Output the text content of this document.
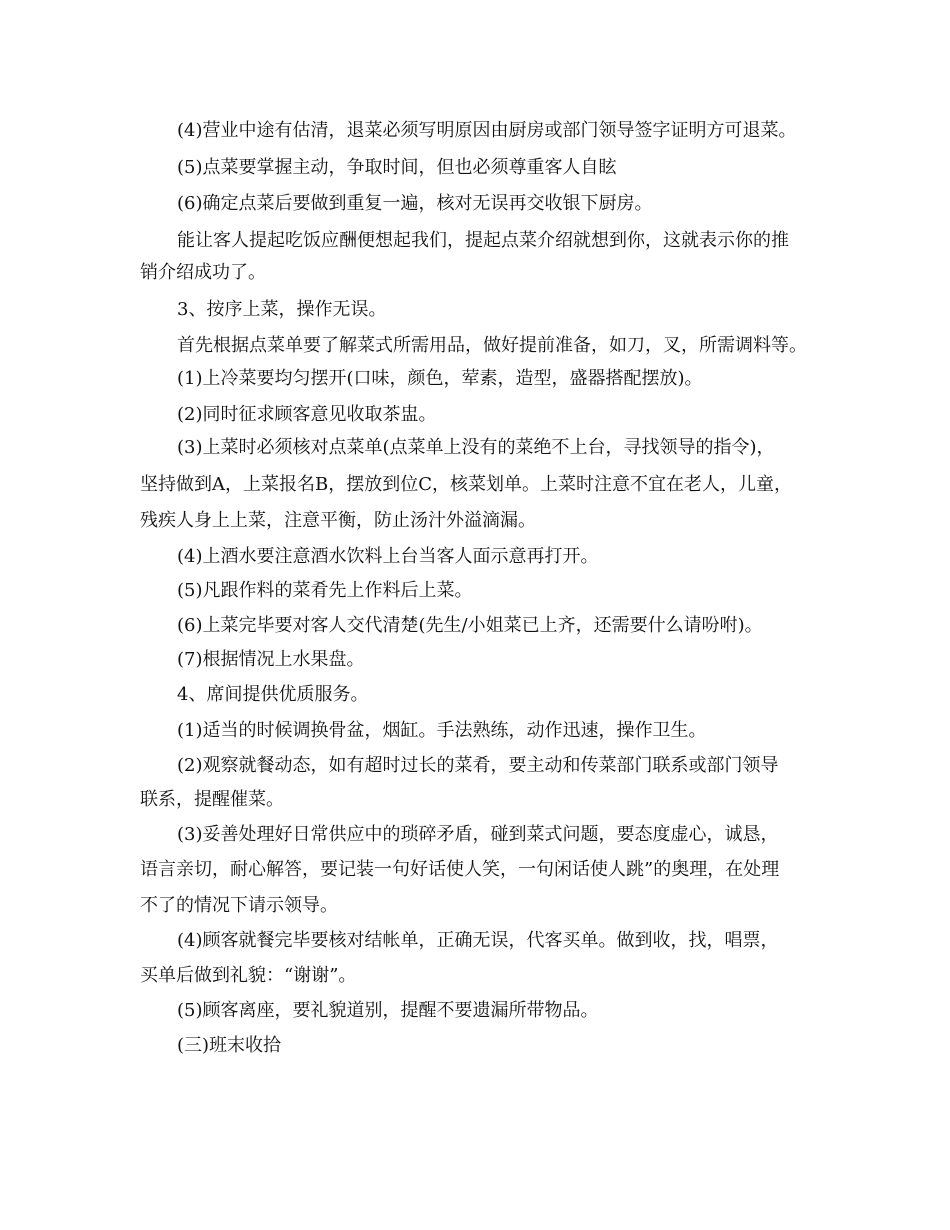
(4)营业中途有估清，退菜必须写明原因由厨房或部门领导签字证明方可退菜。
(5)点菜要掌握主动，争取时间，但也必须尊重客人自眩
(6)确定点菜后要做到重复一遍，核对无误再交收银下厨房。
能让客人提起吃饭应酬便想起我们，提起点菜介绍就想到你，这就表示你的推
销介绍成功了。
3、按序上菜，操作无误。
首先根据点菜单要了解菜式所需用品，做好提前准备，如刀，叉，所需调料等。
(1)上冷菜要均匀摆开(口味，颜色，荤素，造型，盛器搭配摆放)。
(2)同时征求顾客意见收取茶盅。
(3)上菜时必须核对点菜单(点菜单上没有的菜绝不上台，寻找领导的指令)，
坚持做到A，上菜报名B，摆放到位C，核菜划单。上菜时注意不宜在老人，儿童，
残疾人身上上菜，注意平衡，防止汤汁外溢滴漏。
(4)上酒水要注意酒水饮料上台当客人面示意再打开。
(5)凡跟作料的菜肴先上作料后上菜。
(6)上菜完毕要对客人交代清楚(先生/小姐菜已上齐，还需要什么请吩咐)。
(7)根据情况上水果盘。
4、席间提供优质服务。
(1)适当的时候调换骨盆，烟缸。手法熟练，动作迅速，操作卫生。
(2)观察就餐动态，如有超时过长的菜肴，要主动和传菜部门联系或部门领导
联系，提醒催菜。
(3)妥善处理好日常供应中的琐碎矛盾，碰到菜式问题，要态度虚心，诚恳，
语言亲切，耐心解答，要记装一句好话使人笑，一句闲话使人跳”的奥理，在处理
不了的情况下请示领导。
(4)顾客就餐完毕要核对结帐单，正确无误，代客买单。做到收，找，唱票，
买单后做到礼貌：“谢谢”。
(5)顾客离座，要礼貌道别，提醒不要遗漏所带物品。
(三)班末收拾
